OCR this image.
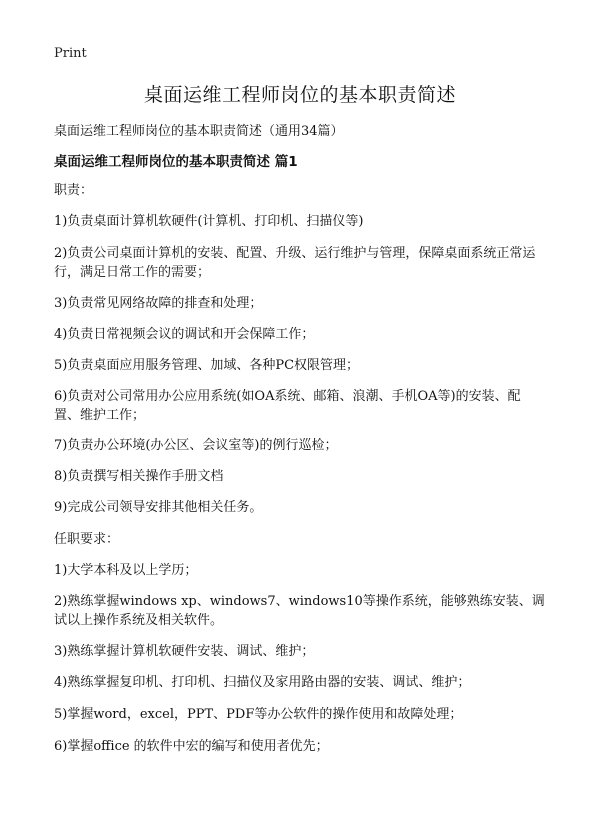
Print
桌面运维工程师岗位的基本职责简述
桌面运维工程师岗位的基本职责简述（通用34篇）
桌面运维工程师岗位的基本职责简述 篇1
职责：
1)负责桌面计算机软硬件(计算机、打印机、扫描仪等)
2)负责公司桌面计算机的安装、配置、升级、运行维护与管理，保障桌面系统正常运行，满足日常工作的需要；
3)负责常见网络故障的排查和处理；
4)负责日常视频会议的调试和开会保障工作；
5)负责桌面应用服务管理、加域、各种PC权限管理；
6)负责对公司常用办公应用系统(如OA系统、邮箱、浪潮、手机OA等)的安装、配置、维护工作；
7)负责办公环境(办公区、会议室等)的例行巡检；
8)负责撰写相关操作手册文档
9)完成公司领导安排其他相关任务。
任职要求：
1)大学本科及以上学历；
2)熟练掌握windows xp、windows7、windows10等操作系统，能够熟练安装、调试以上操作系统及相关软件。
3)熟练掌握计算机软硬件安装、调试、维护；
4)熟练掌握复印机、打印机、扫描仪及家用路由器的安装、调试、维护；
5)掌握word，excel，PPT、PDF等办公软件的操作使用和故障处理；
6)掌握office 的软件中宏的编写和使用者优先；
